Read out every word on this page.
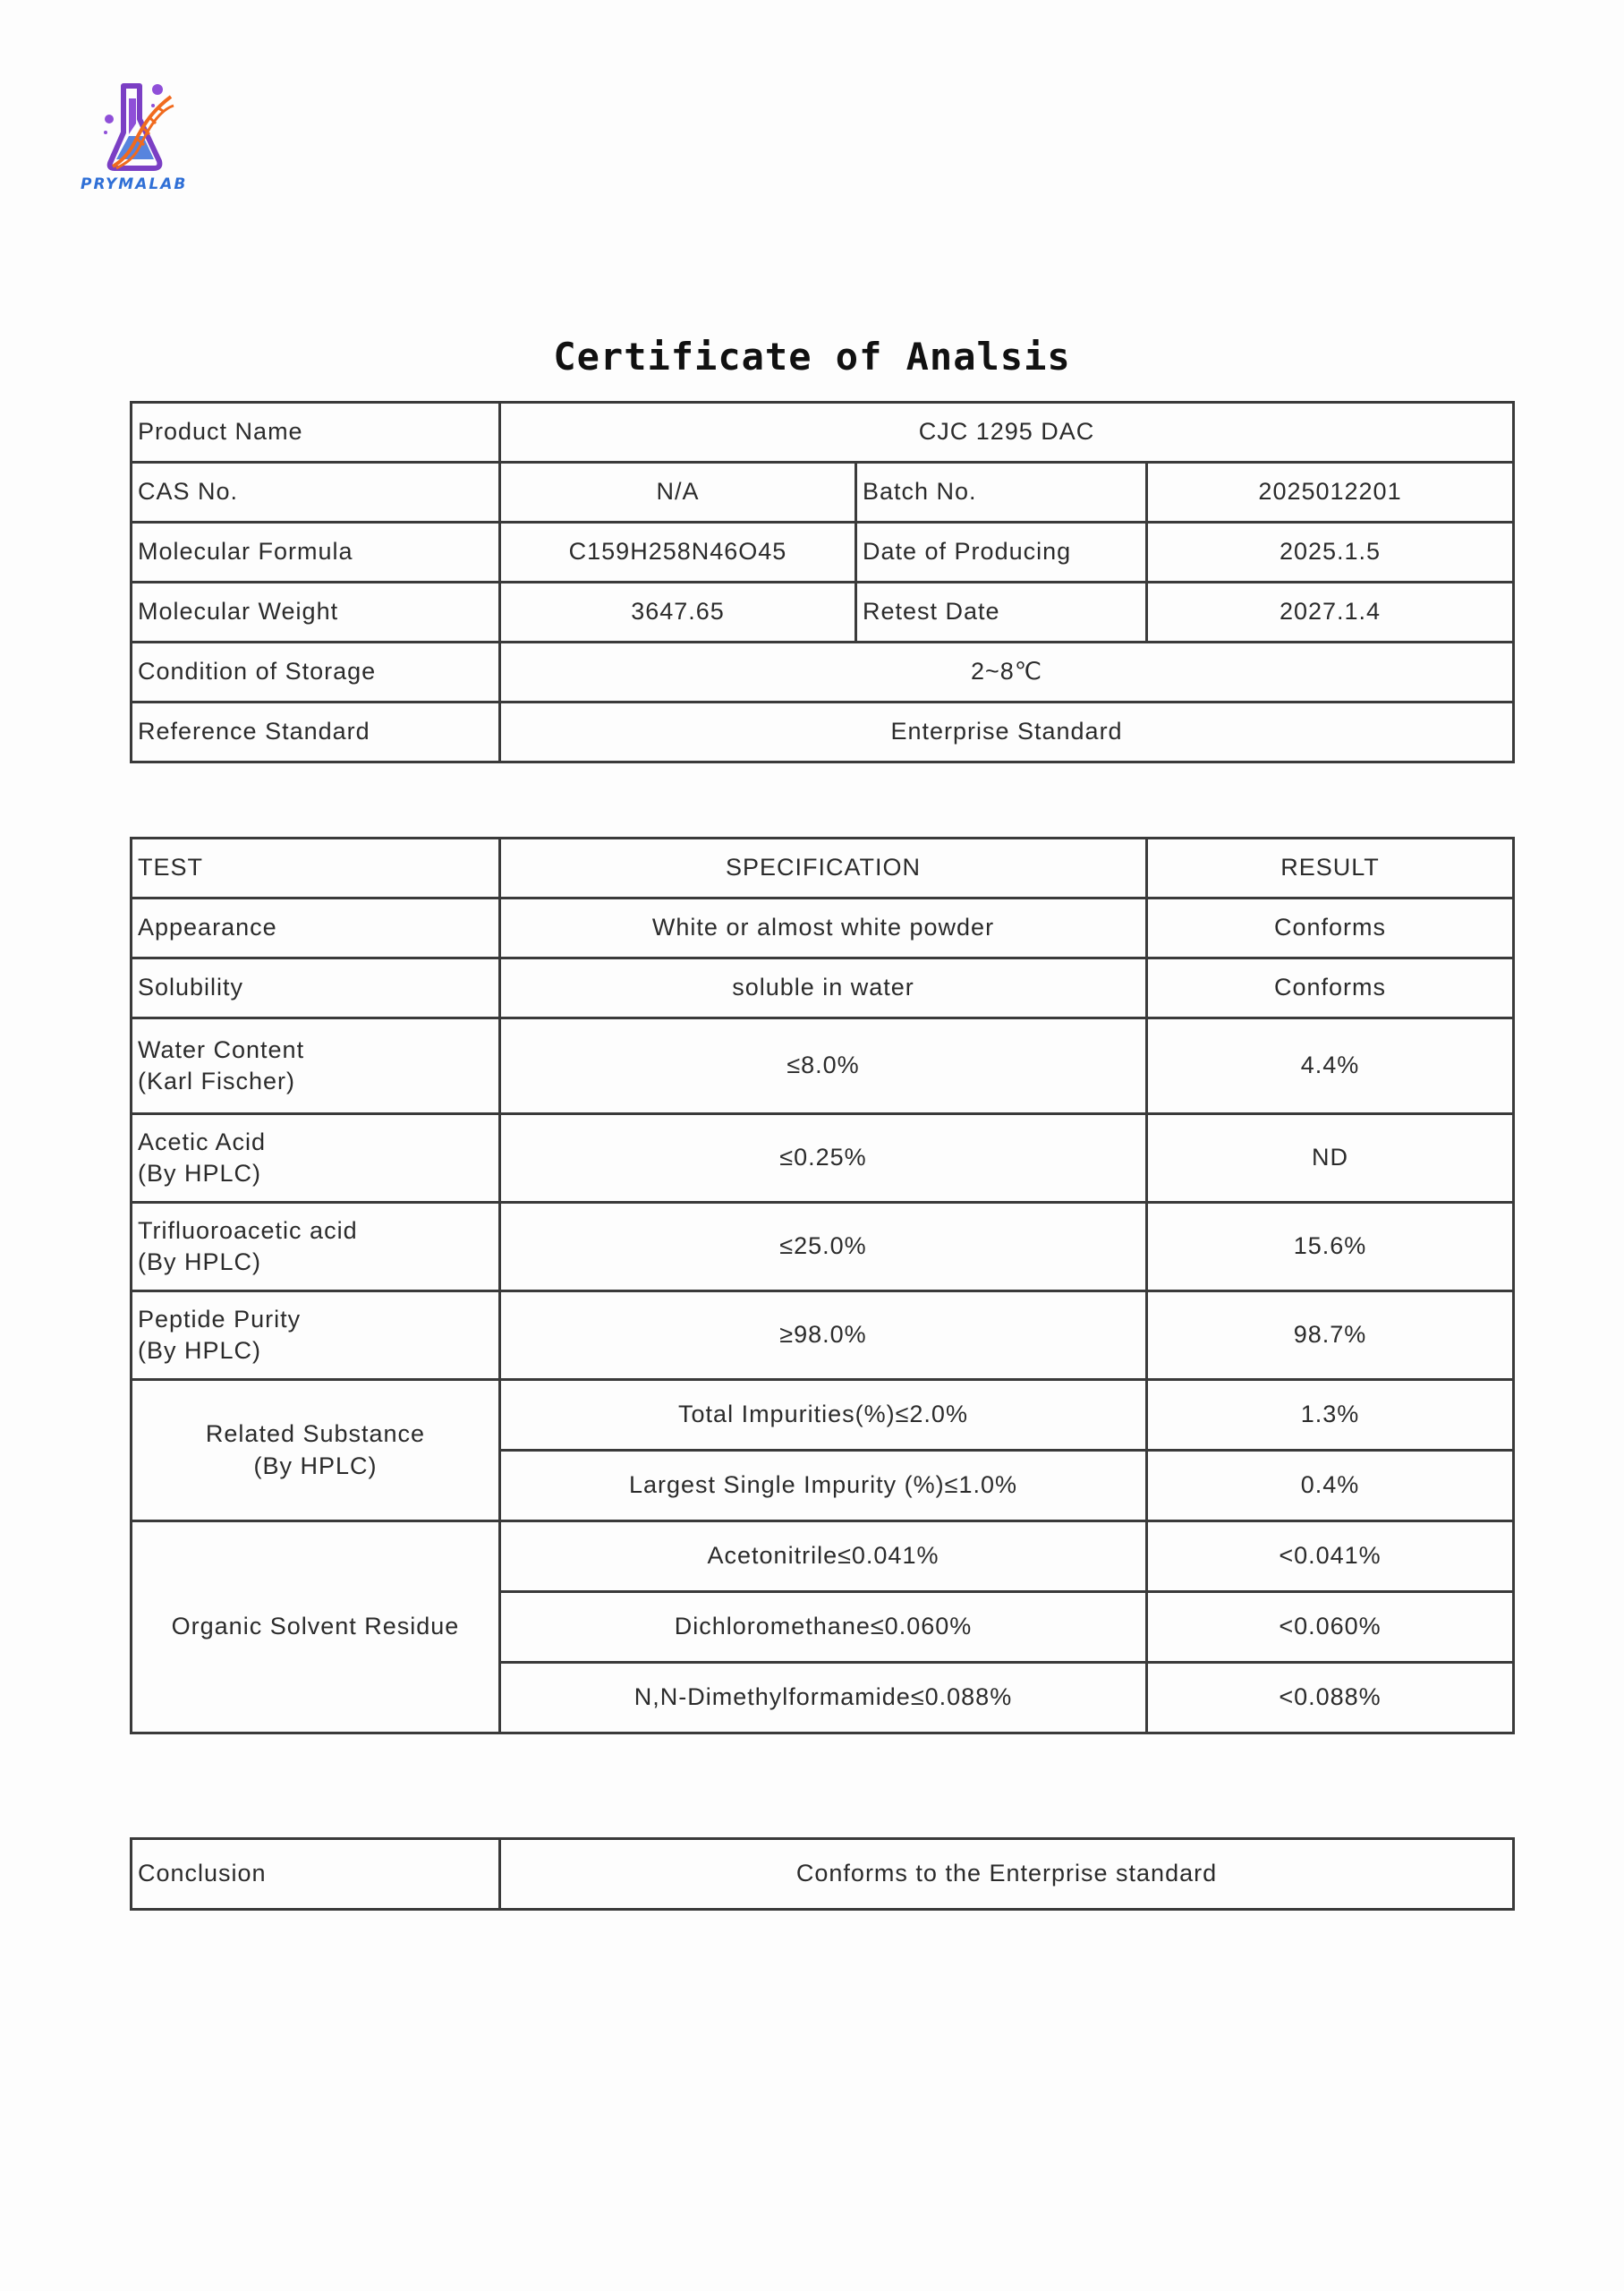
PRYMALAB
Certificate of Analsis
Product Name	CJC 1295 DAC		
CAS No.	N/A	Batch No.	2025012201
Molecular Formula	C159H258N46O45	Date of Producing	2025.1.5
Molecular Weight	3647.65	Retest Date	2027.1.4
Condition of Storage	2~8℃		
Reference Standard	Enterprise Standard		
TEST	SPECIFICATION	RESULT
Appearance	White or almost white powder	Conforms
Solubility	soluble in water	Conforms

Water Content
(Karl Fischer)	≤8.0%	4.4%

Acetic Acid
(By HPLC)	≤0.25%	ND

Trifluoroacetic acid
(By HPLC)	≤25.0%	15.6%

Peptide Purity
(By HPLC)	≥98.0%	98.7%

Related Substance
(By HPLC)	Total Impurities(%)≤2.0%	1.3%
	Largest Single Impurity (%)≤1.0%	0.4%
Organic Solvent Residue	Acetonitrile≤0.041%	<0.041%
	Dichloromethane≤0.060%	<0.060%
	N,N-Dimethylformamide≤0.088%	<0.088%
Conclusion	Conforms to the Enterprise standard
